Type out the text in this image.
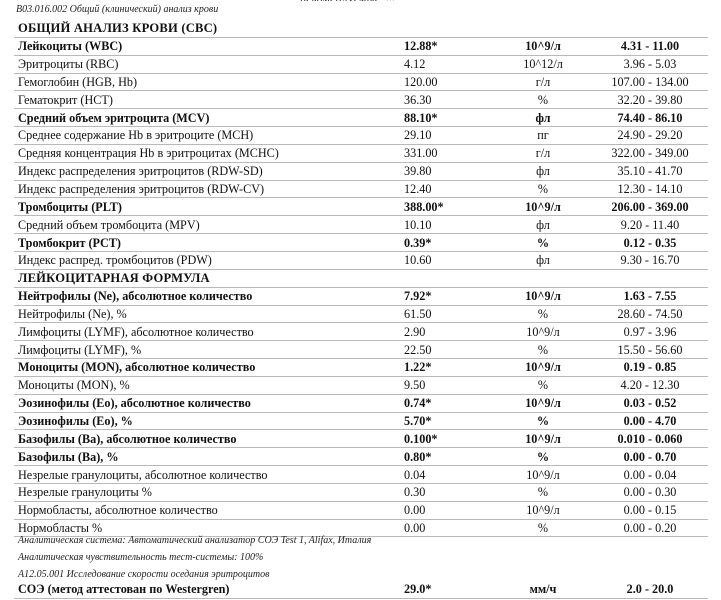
В03.016.002 Общий (клинический) анализ крови
ОБЩИЙ АНАЛИЗ КРОВИ (CBC)			
Лейкоциты (WBC)	12.88*	10^9/л	4.31 - 11.00
Эритроциты (RBC)	4.12	10^12/л	3.96 - 5.03
Гемоглобин (HGB, Hb)	120.00	г/л	107.00 - 134.00
Гематокрит (HCT)	36.30	%	32.20 - 39.80
Средний объем эритроцита (MCV)	88.10*	фл	74.40 - 86.10
Среднее содержание Hb в эритроците (MCH)	29.10	пг	24.90 - 29.20
Средняя концентрация Hb в эритроцитах (MCHC)	331.00	г/л	322.00 - 349.00
Индекс распределения эритроцитов (RDW-SD)	39.80	фл	35.10 - 41.70
Индекс распределения эритроцитов (RDW-CV)	12.40	%	12.30 - 14.10
Тромбоциты (PLT)	388.00*	10^9/л	206.00 - 369.00
Средний объем тромбоцита (MPV)	10.10	фл	9.20 - 11.40
Тромбокрит (PCT)	0.39*	%	0.12 - 0.35
Индекс распред. тромбоцитов (PDW)	10.60	фл	9.30 - 16.70
ЛЕЙКОЦИТАРНАЯ ФОРМУЛА			
Нейтрофилы (Ne), абсолютное количество	7.92*	10^9/л	1.63 - 7.55
Нейтрофилы (Ne), %	61.50	%	28.60 - 74.50
Лимфоциты (LYMF), абсолютное количество	2.90	10^9/л	0.97 - 3.96
Лимфоциты (LYMF), %	22.50	%	15.50 - 56.60
Моноциты (MON), абсолютное количество	1.22*	10^9/л	0.19 - 0.85
Моноциты (MON), %	9.50	%	4.20 - 12.30
Эозинофилы (Eo), абсолютное количество	0.74*	10^9/л	0.03 - 0.52
Эозинофилы (Eo), %	5.70*	%	0.00 - 4.70
Базофилы (Ba), абсолютное количество	0.100*	10^9/л	0.010 - 0.060
Базофилы (Ba), %	0.80*	%	0.00 - 0.70
Незрелые гранулоциты, абсолютное количество	0.04	10^9/л	0.00 - 0.04
Незрелые гранулоциты %	0.30	%	0.00 - 0.30
Нормобласты, абсолютное количество	0.00	10^9/л	0.00 - 0.15
Нормобласты %	0.00	%	0.00 - 0.20
Аналитическая система: Автоматический анализатор СОЭ Test 1, Alifax, Италия
Аналитическая чувствительность тест-системы: 100%
А12.05.001 Исследование скорости оседания эритроцитов
СОЭ (метод аттестован по Westergren)	29.0*	мм/ч	2.0 - 20.0
